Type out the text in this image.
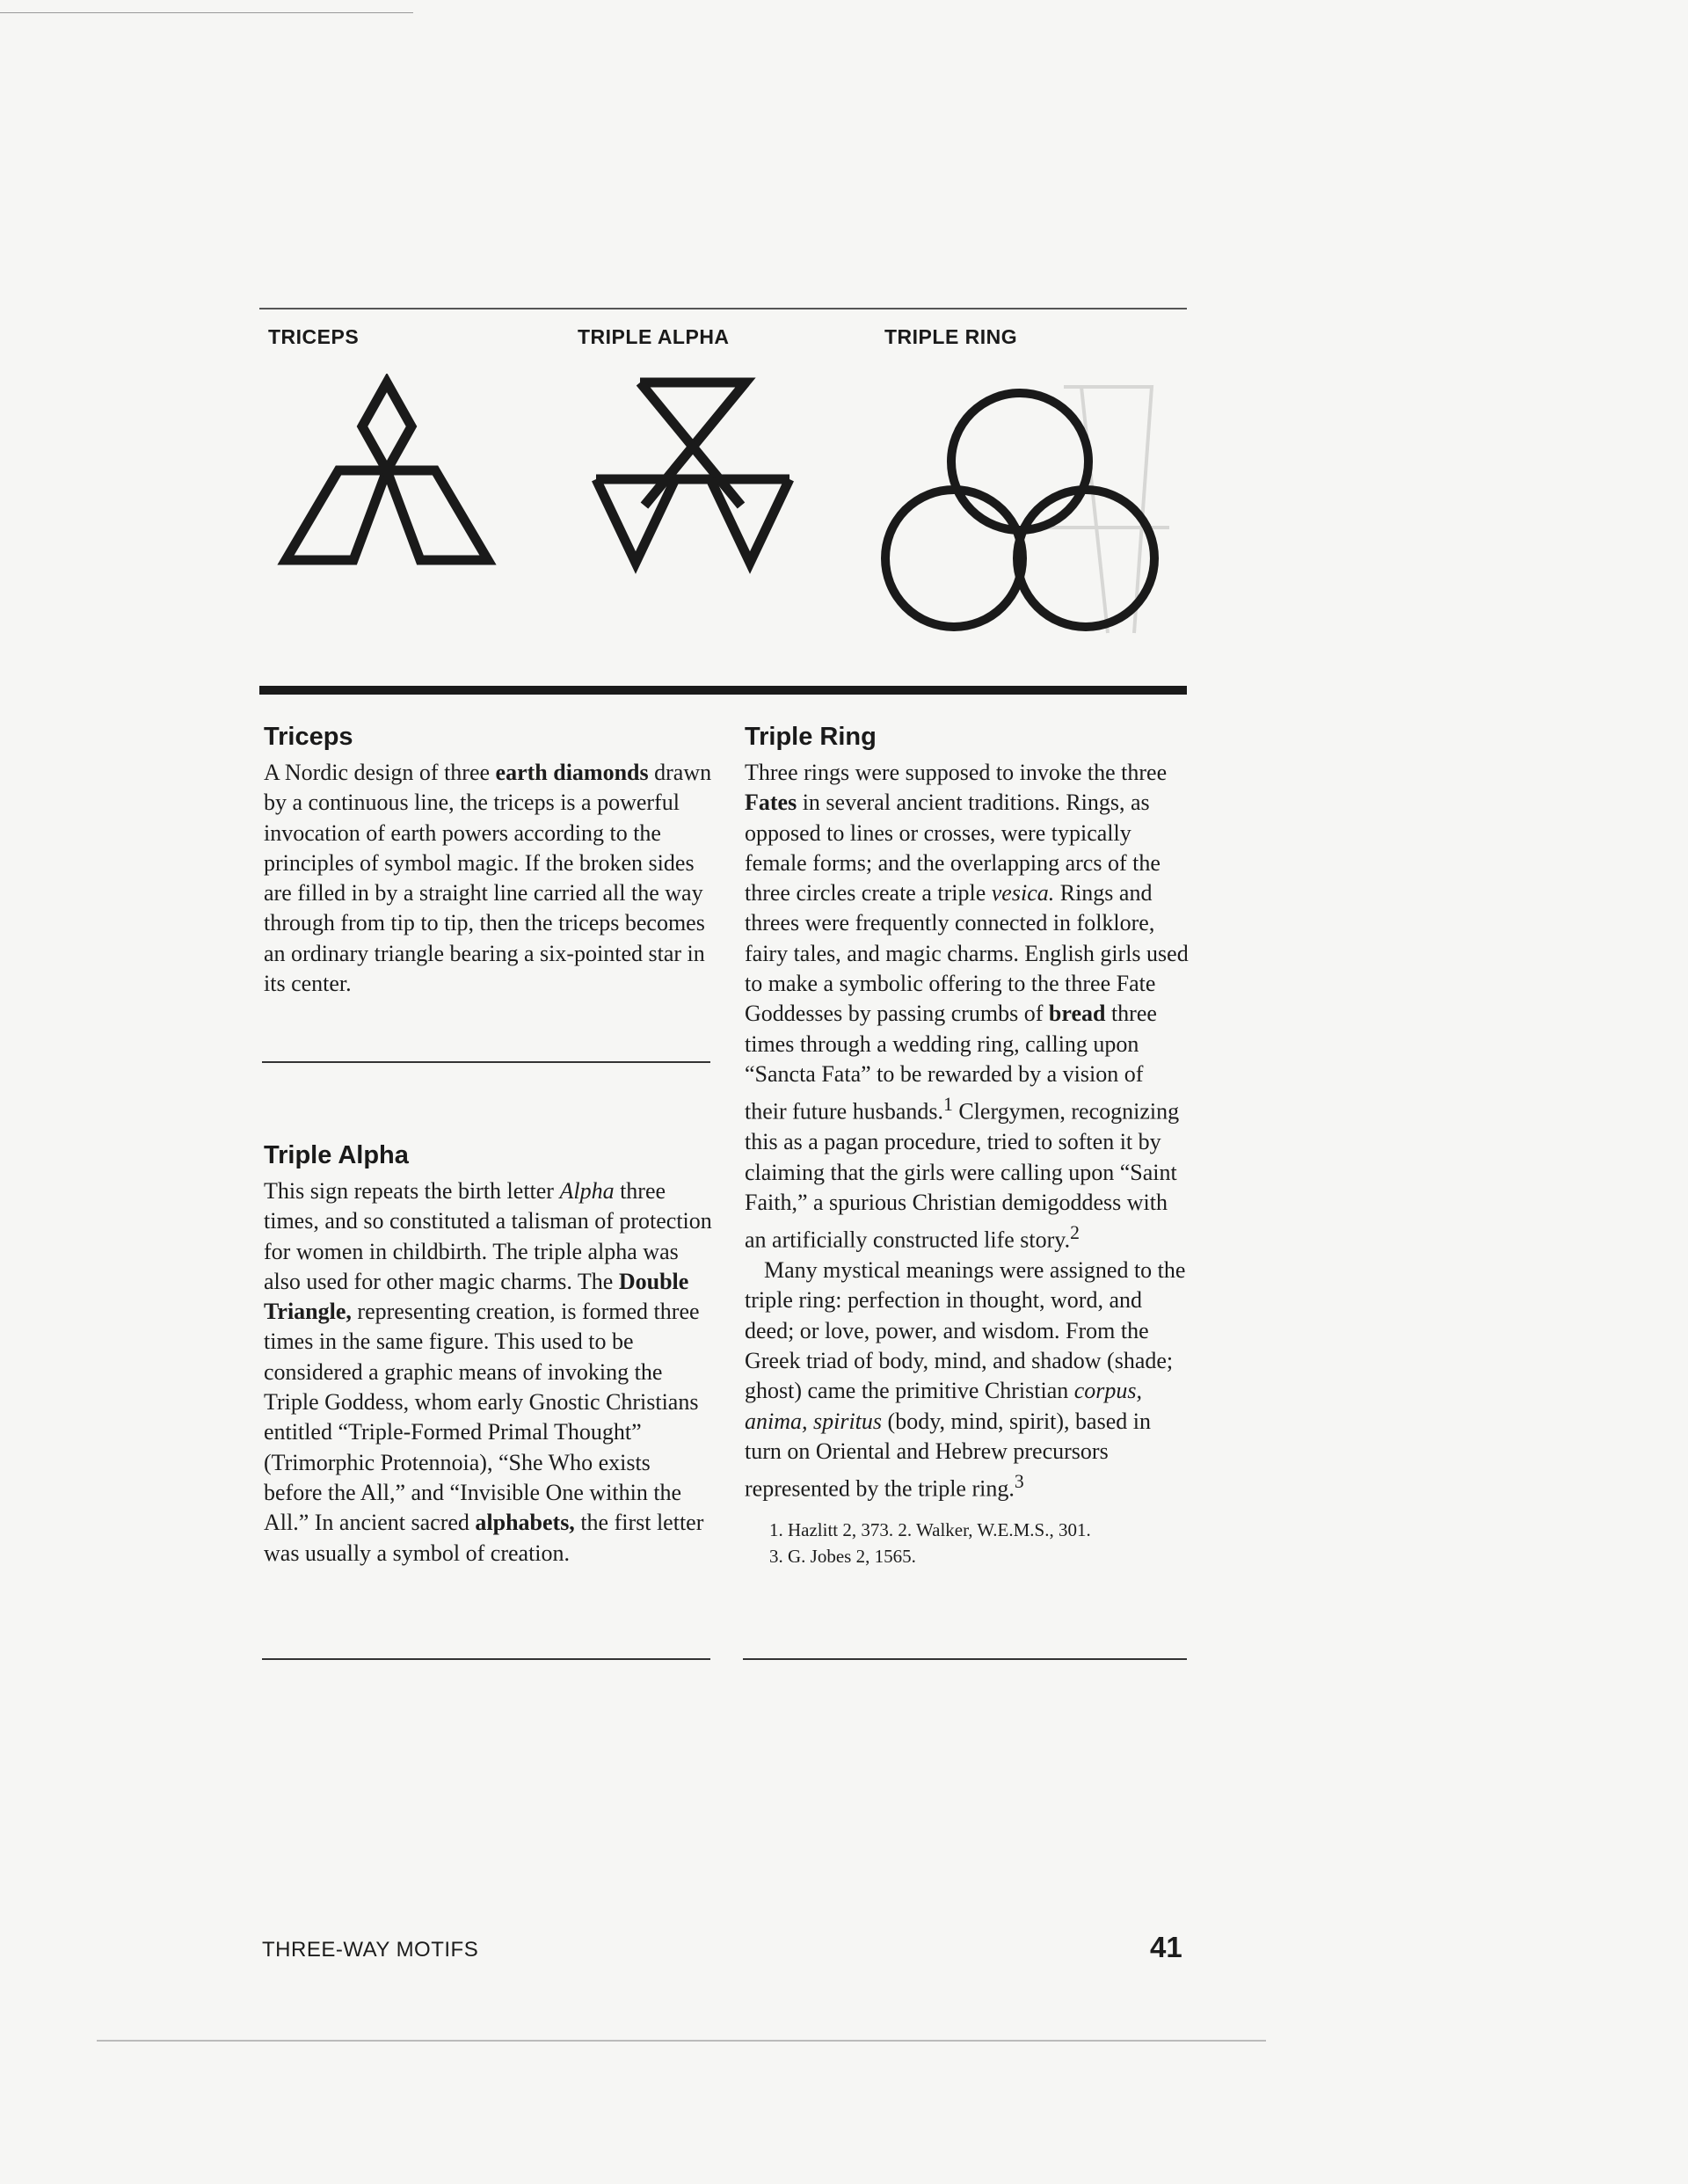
TRICEPS	TRIPLE ALPHA	TRIPLE RING
Triceps

A Nordic design of three earth diamonds drawn by a continuous line, the triceps is a powerful invocation of earth powers according to the principles of symbol magic. If the broken sides are filled in by a straight line carried all the way through from tip to tip, then the triceps becomes an ordinary triangle bearing a six-pointed star in its center.

Triple Alpha

This sign repeats the birth letter Alpha three times, and so constituted a talisman of protection for women in childbirth. The triple alpha was also used for other magic charms. The Double Triangle, representing creation, is formed three times in the same figure. This used to be considered a graphic means of invoking the Triple Goddess, whom early Gnostic Christians entitled “Triple-Formed Primal Thought” (Trimorphic Protennoia), “She Who exists before the All,” and “Invisible One within the All.” In ancient sacred alphabets, the first letter was usually a symbol of creation.

Triple Ring

Three rings were supposed to invoke the three Fates in several ancient traditions. Rings, as opposed to lines or crosses, were typically female forms; and the overlapping arcs of the three circles create a triple vesica. Rings and threes were frequently connected in folklore, fairy tales, and magic charms. English girls used to make a symbolic offering to the three Fate Goddesses by passing crumbs of bread three times through a wedding ring, calling upon “Sancta Fata” to be rewarded by a vision of their future husbands.$^1$ Clergymen, recognizing this as a pagan procedure, tried to soften it by claiming that the girls were calling upon “Saint Faith,” a spurious Christian demigoddess with an artificially constructed life story.$^2$

Many mystical meanings were assigned to the triple ring: perfection in thought, word, and deed; or love, power, and wisdom. From the Greek triad of body, mind, and shadow (shade; ghost) came the primitive Christian corpus, anima, spiritus (body, mind, spirit), based in turn on Oriental and Hebrew precursors represented by the triple ring.$^3$

1. Hazlitt 2, 373. 2. Walker, W.E.M.S., 301.
3. G. Jobes 2, 1565.
THREE-WAY MOTIFS	41
